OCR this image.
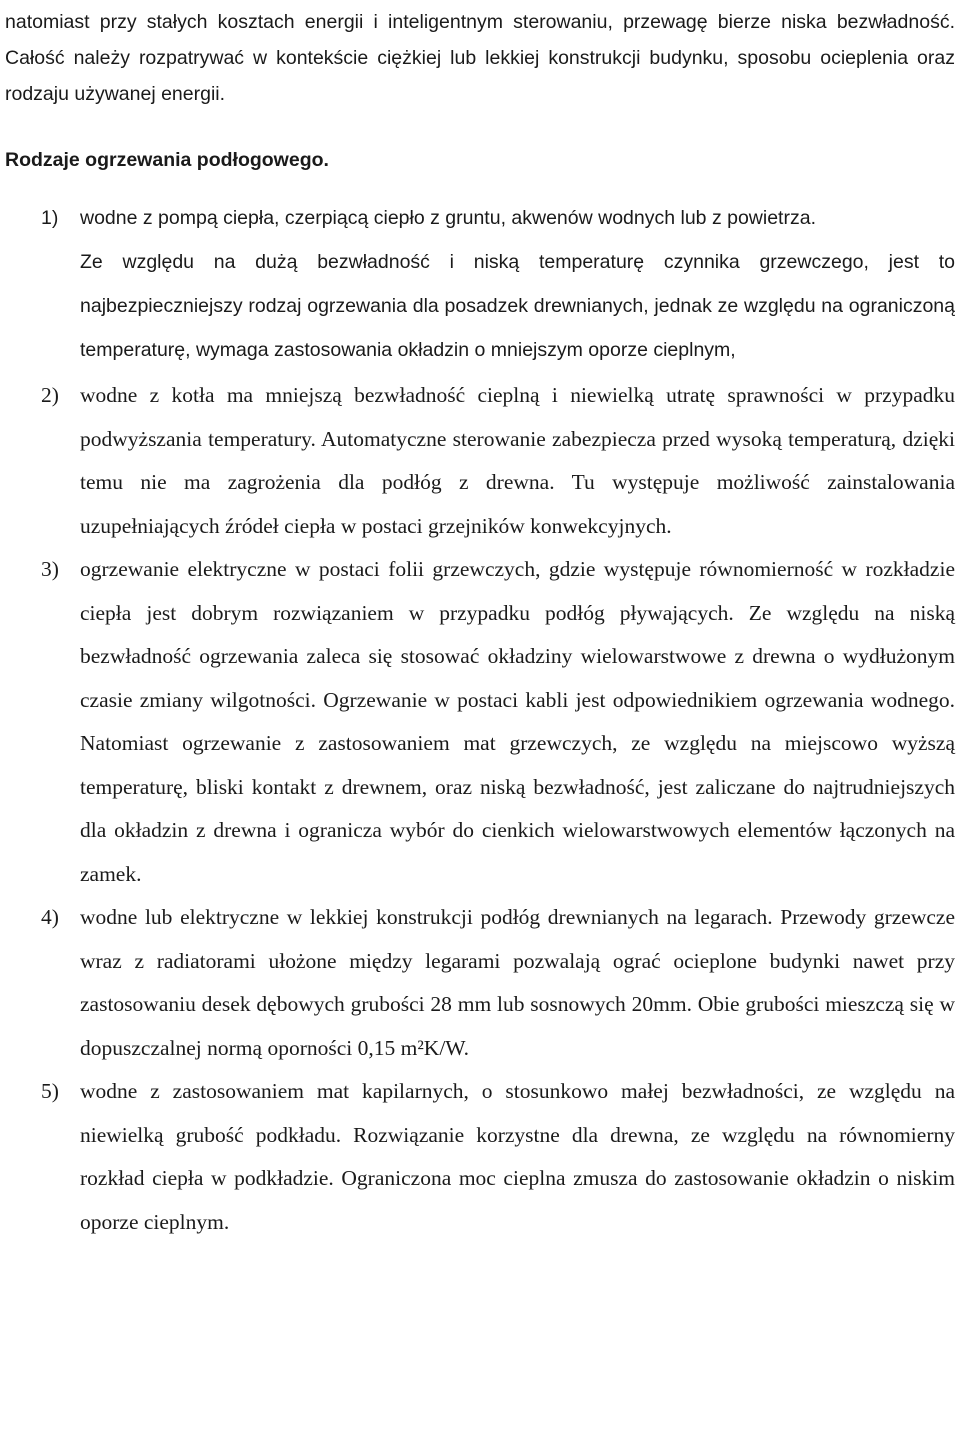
natomiast przy stałych kosztach energii i inteligentnym sterowaniu, przewagę bierze niska bezwładność. Całość należy rozpatrywać w kontekście ciężkiej lub lekkiej konstrukcji budynku, sposobu ocieplenia oraz rodzaju używanej energii.

Rodzaje ogrzewania podłogowego.

1) wodne z pompą ciepła, czerpiącą ciepło z gruntu, akwenów wodnych lub z powietrza.
Ze względu na dużą bezwładność i niską temperaturę czynnika grzewczego, jest to najbezpieczniejszy rodzaj ogrzewania dla posadzek drewnianych, jednak ze względu na ograniczoną temperaturę, wymaga zastosowania okładzin o mniejszym oporze cieplnym,

2) wodne z kotła ma mniejszą bezwładność cieplną i niewielką utratę sprawności w przypadku podwyższania temperatury. Automatyczne sterowanie zabezpiecza przed wysoką temperaturą, dzięki temu nie ma zagrożenia dla podłóg z drewna. Tu występuje możliwość zainstalowania uzupełniających źródeł ciepła w postaci grzejników konwekcyjnych.

3) ogrzewanie elektryczne w postaci folii grzewczych, gdzie występuje równomierność w rozkładzie ciepła jest dobrym rozwiązaniem w przypadku podłóg pływających. Ze względu na niską bezwładność ogrzewania zaleca się stosować okładziny wielowarstwowe z drewna o wydłużonym czasie zmiany wilgotności. Ogrzewanie w postaci kabli jest odpowiednikiem ogrzewania wodnego. Natomiast ogrzewanie z zastosowaniem mat grzewczych, ze względu na miejscowo wyższą temperaturę, bliski kontakt z drewnem, oraz niską bezwładność, jest zaliczane do najtrudniejszych dla okładzin z drewna i ogranicza wybór do cienkich wielowarstwowych elementów łączonych na zamek.

4) wodne lub elektryczne w lekkiej konstrukcji podłóg drewnianych na legarach. Przewody grzewcze wraz z radiatorami ułożone między legarami pozwalają ograć ocieplone budynki nawet przy zastosowaniu desek dębowych grubości 28 mm lub sosnowych 20mm. Obie grubości mieszczą się w dopuszczalnej normą oporności 0,15 m²K/W.

5) wodne z zastosowaniem mat kapilarnych, o stosunkowo małej bezwładności, ze względu na niewielką grubość podkładu. Rozwiązanie korzystne dla drewna, ze względu na równomierny rozkład ciepła w podkładzie. Ograniczona moc cieplna zmusza do zastosowanie okładzin o niskim oporze cieplnym.
